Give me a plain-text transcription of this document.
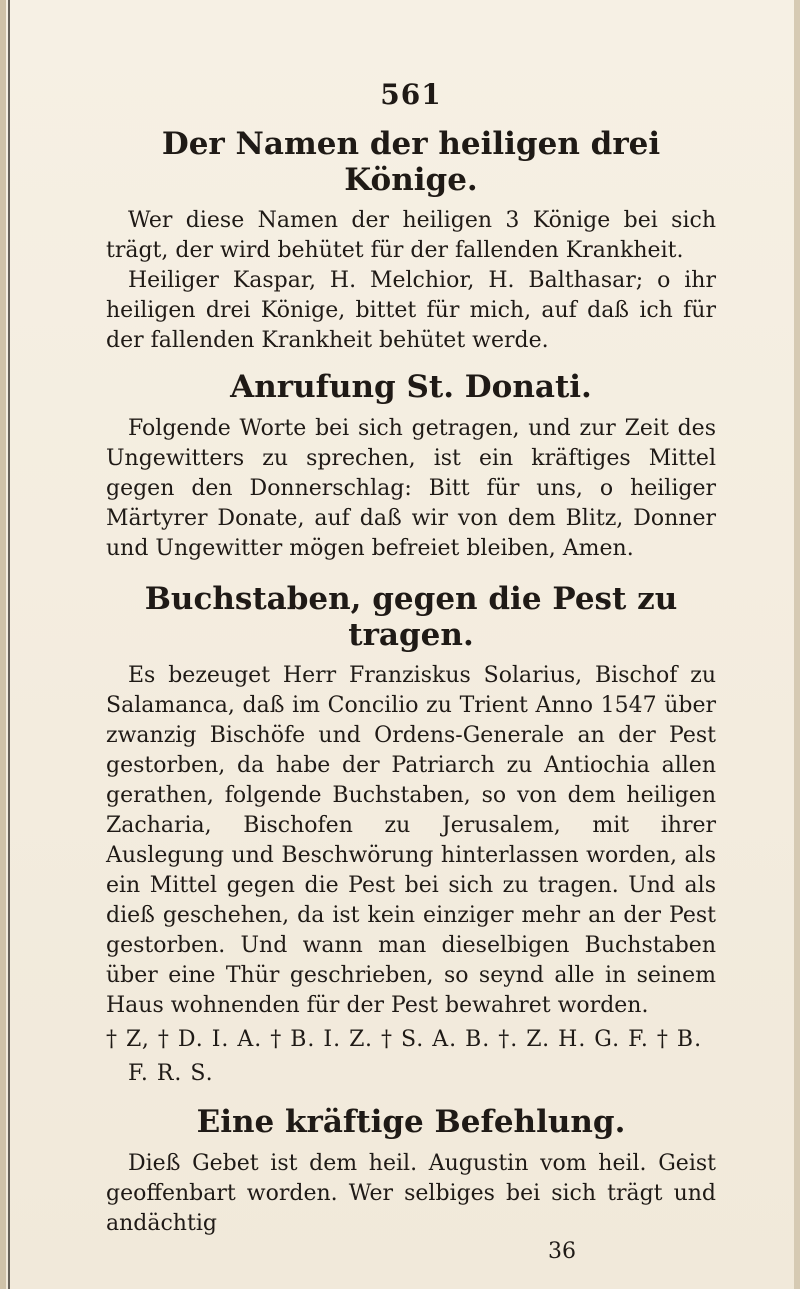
561
Der Namen der heiligen drei Könige.

Wer diese Namen der heiligen 3 Könige bei sich trägt, der wird behütet für der fallenden Krankheit.

Heiliger Kaspar, H. Melchior, H. Balthasar; o ihr heiligen drei Könige, bittet für mich, auf daß ich für der fallenden Krankheit behütet werde.

Anrufung St. Donati.

Folgende Worte bei sich getragen, und zur Zeit des Ungewitters zu sprechen, ist ein kräftiges Mittel gegen den Donnerschlag: Bitt für uns, o heiliger Märtyrer Donate, auf daß wir von dem Blitz, Donner und Ungewitter mögen befreiet bleiben, Amen.

Buchstaben, gegen die Pest zu tragen.

Es bezeuget Herr Franziskus Solarius, Bischof zu Salamanca, daß im Concilio zu Trient Anno 1547 über zwanzig Bischöfe und Ordens-Generale an der Pest gestorben, da habe der Patriarch zu Antiochia allen gerathen, folgende Buchstaben, so von dem heiligen Zacharia, Bischofen zu Jerusalem, mit ihrer Auslegung und Beschwörung hinterlassen worden, als ein Mittel gegen die Pest bei sich zu tragen. Und als dieß geschehen, da ist kein einziger mehr an der Pest gestorben. Und wann man dieselbigen Buchstaben über eine Thür geschrieben, so seynd alle in seinem Haus wohnenden für der Pest bewahret worden.

† Z, † D. I. A. † B. I. Z. † S. A. B. †. Z. H. G. F. † B.
F. R. S.
Eine kräftige Befehlung.

Dieß Gebet ist dem heil. Augustin vom heil. Geist geoffenbart worden. Wer selbiges bei sich trägt und andächtig

36
